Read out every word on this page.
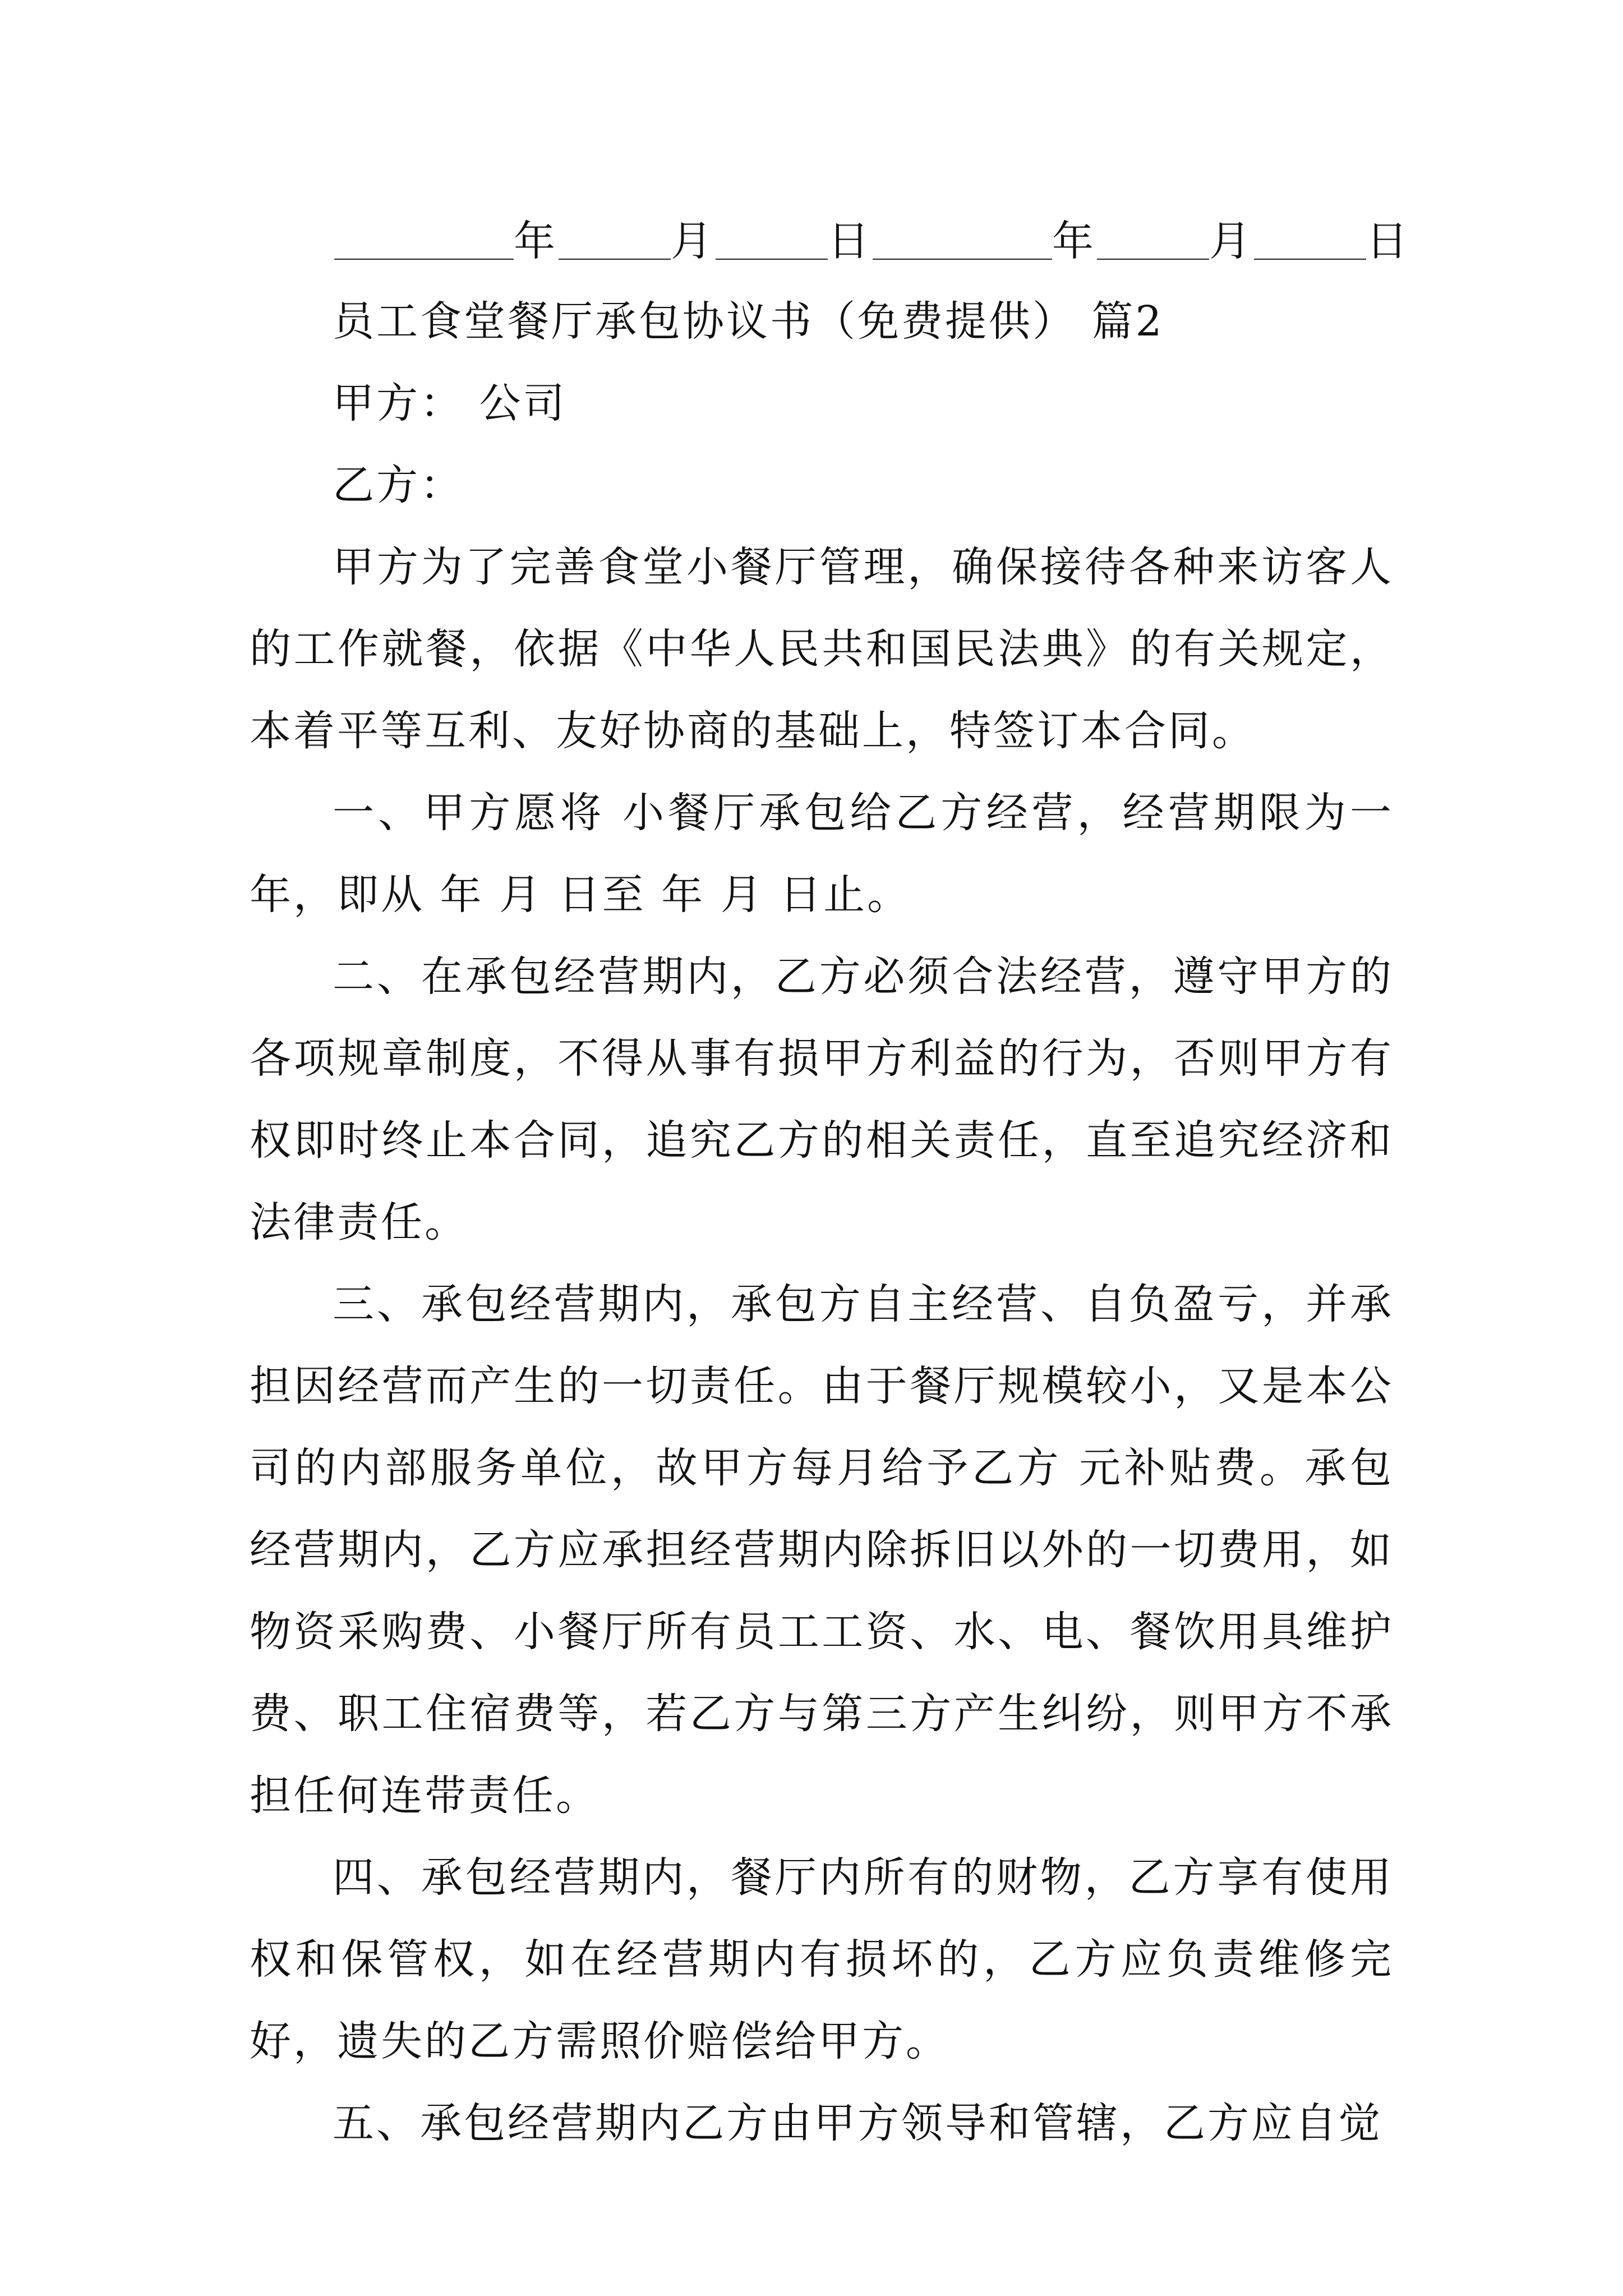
年	月	日	年	月	日

员工食堂餐厅承包协议书（免费提供） 篇2

甲方： 公司

乙方：

甲方为了完善食堂小餐厅管理，确保接待各种来访客人的工作就餐，依据《中华人民共和国民法典》的有关规定，本着平等互利、友好协商的基础上，特签订本合同。

一、甲方愿将 小餐厅承包给乙方经营，经营期限为一年，即从 年 月 日至 年 月 日止。

二、在承包经营期内，乙方必须合法经营，遵守甲方的各项规章制度，不得从事有损甲方利益的行为，否则甲方有权即时终止本合同，追究乙方的相关责任，直至追究经济和法律责任。

三、承包经营期内，承包方自主经营、自负盈亏，并承担因经营而产生的一切责任。由于餐厅规模较小，又是本公司的内部服务单位，故甲方每月给予乙方 元补贴费。承包经营期内，乙方应承担经营期内除拆旧以外的一切费用，如物资采购费、小餐厅所有员工工资、水、电、餐饮用具维护费、职工住宿费等，若乙方与第三方产生纠纷，则甲方不承担任何连带责任。

四、承包经营期内，餐厅内所有的财物，乙方享有使用权和保管权，如在经营期内有损坏的，乙方应负责维修完好，遗失的乙方需照价赔偿给甲方。

五、承包经营期内乙方由甲方领导和管辖，乙方应自觉
